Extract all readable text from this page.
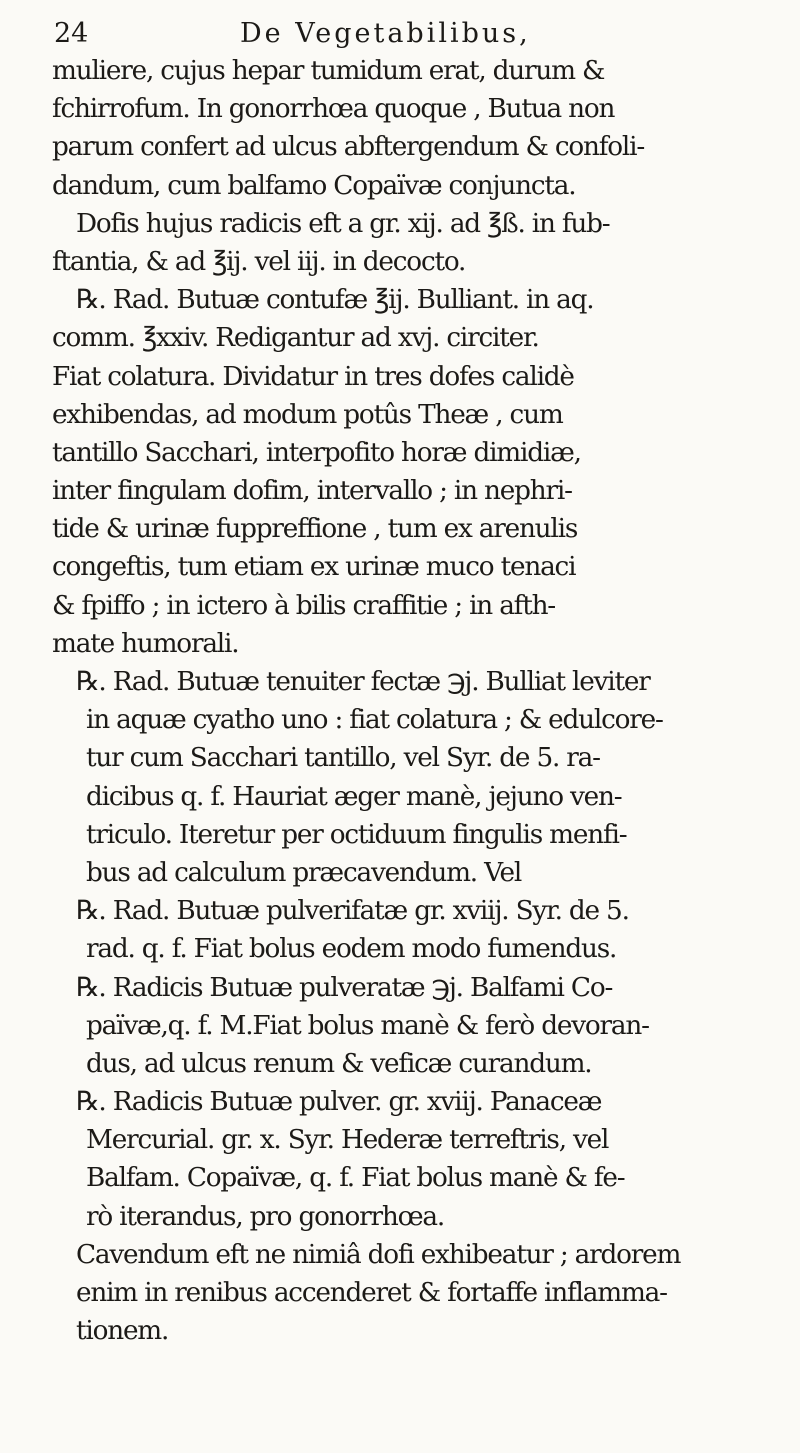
24	De Vegetabilibus,
muliere, cujus hepar tumidum erat, durum &
fchirrofum. In gonorrhœa quoque , Butua non
parum confert ad ulcus abftergendum & confoli-
dandum, cum balfamo Copaïvæ conjuncta.
Dofis hujus radicis eft a gr. xij. ad ℥ß. in fub-
ftantia, & ad ℥ij. vel iij. in decocto.
℞. Rad. Butuæ contufæ ℥ij. Bulliant. in aq.
comm. ℥xxiv. Redigantur ad xvj. circiter.
Fiat colatura. Dividatur in tres dofes calidè
exhibendas, ad modum potûs Theæ , cum
tantillo Sacchari, interpofito horæ dimidiæ,
inter fingulam dofim, intervallo ; in nephri-
tide & urinæ fuppreffione , tum ex arenulis
congeftis, tum etiam ex urinæ muco tenaci
& fpiffo ; in ictero à bilis craffitie ; in afth-
mate humorali.
℞. Rad. Butuæ tenuiter fectæ ℈j. Bulliat leviter
in aquæ cyatho uno : fiat colatura ; & edulcore-
tur cum Sacchari tantillo, vel Syr. de 5. ra-
dicibus q. f. Hauriat æger manè, jejuno ven-
triculo. Iteretur per octiduum fingulis menfi-
bus ad calculum præcavendum. Vel
℞. Rad. Butuæ pulverifatæ gr. xviij. Syr. de 5.
rad. q. f. Fiat bolus eodem modo fumendus.
℞. Radicis Butuæ pulveratæ ℈j. Balfami Co-
païvæ,q. f. M.Fiat bolus manè & ferò devoran-
dus, ad ulcus renum & veficæ curandum.
℞. Radicis Butuæ pulver. gr. xviij. Panaceæ
Mercurial. gr. x. Syr. Hederæ terreftris, vel
Balfam. Copaïvæ, q. f. Fiat bolus manè & fe-
rò iterandus, pro gonorrhœa.
Cavendum eft ne nimiâ dofi exhibeatur ; ardorem
enim in renibus accenderet & fortaffe inflamma-
tionem.
